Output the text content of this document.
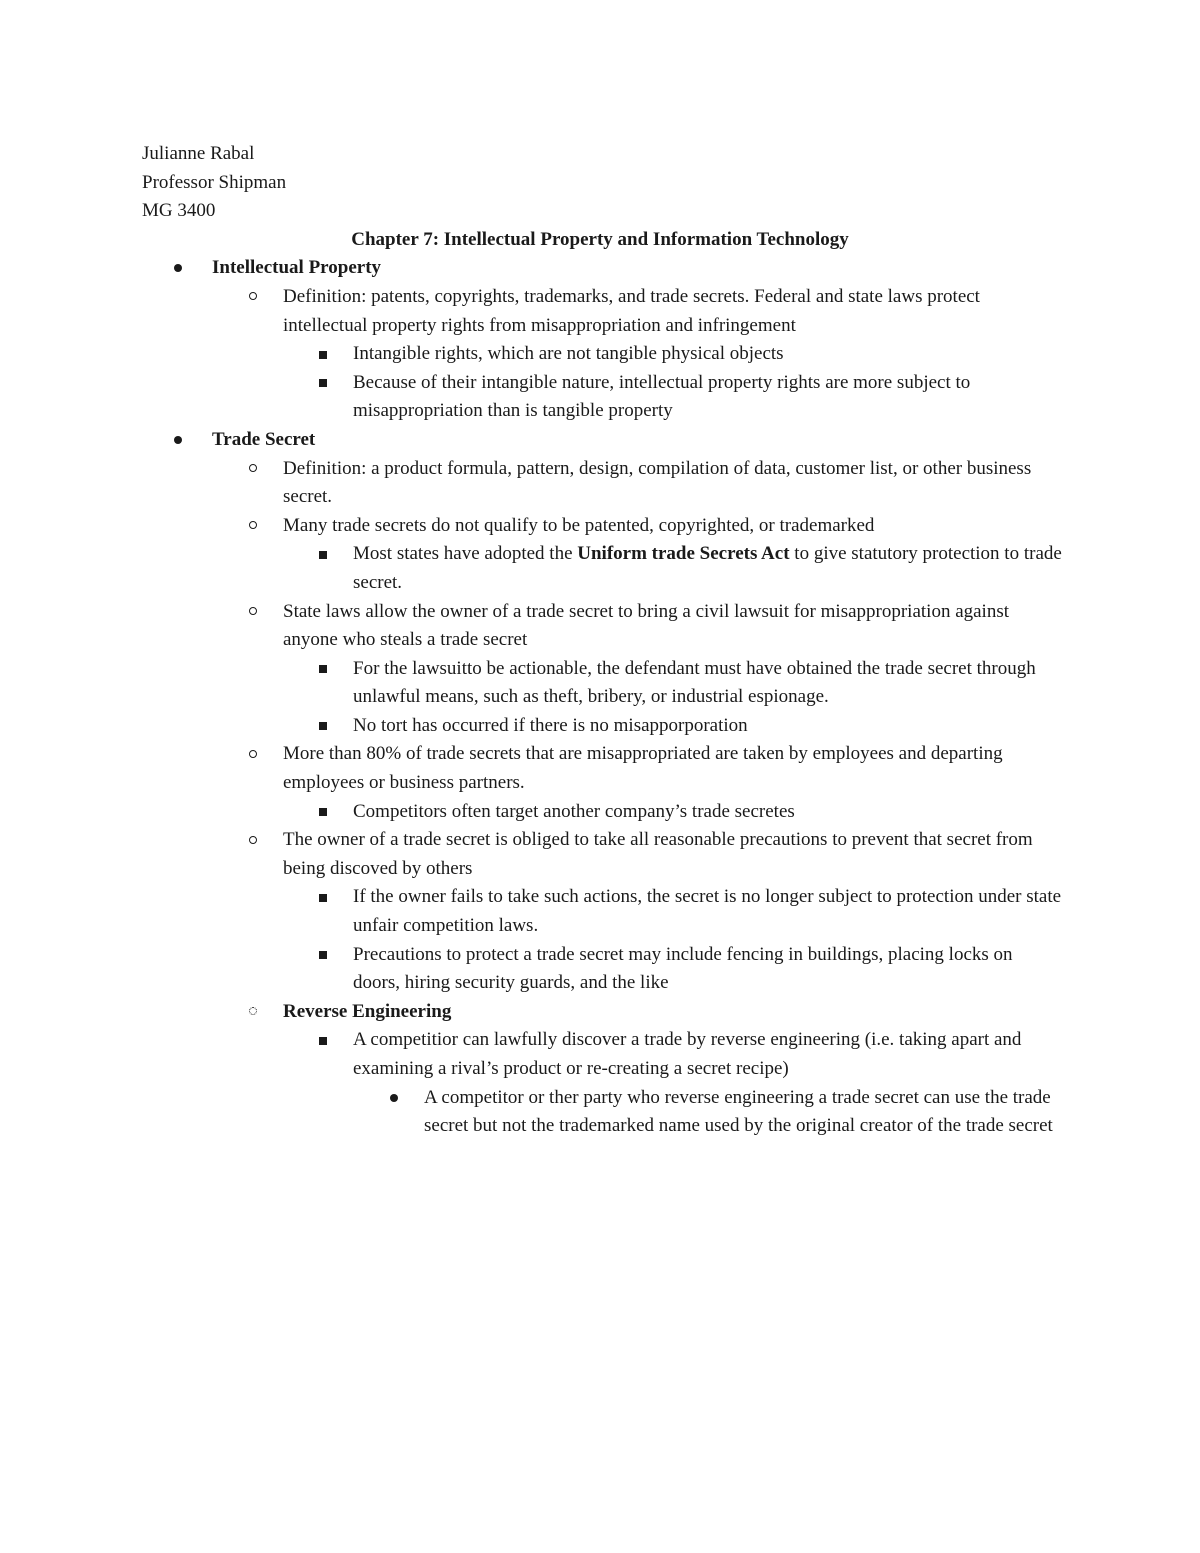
Julianne Rabal
Professor Shipman
MG 3400
Chapter 7: Intellectual Property and Information Technology
Intellectual Property
Definition: patents, copyrights, trademarks, and trade secrets. Federal and state laws protect intellectual property rights from misappropriation and infringement
Intangible rights, which are not tangible physical objects
Because of their intangible nature, intellectual property rights are more subject to misappropriation than is tangible property
Trade Secret
Definition: a product formula, pattern, design, compilation of data, customer list, or other business secret.
Many trade secrets do not qualify to be patented, copyrighted, or trademarked
Most states have adopted the Uniform trade Secrets Act to give statutory protection to trade secret.
State laws allow the owner of a trade secret to bring a civil lawsuit for misappropriation against anyone who steals a trade secret
For the lawsuitto be actionable, the defendant must have obtained the trade secret through unlawful means, such as theft, bribery, or industrial espionage.
No tort has occurred if there is no misapporporation
More than 80% of trade secrets that are misappropriated are taken by employees and departing employees or business partners.
Competitors often target another company’s trade secretes
The owner of a trade secret is obliged to take all reasonable precautions to prevent that secret from being discoved by others
If the owner fails to take such actions, the secret is no longer subject to protection under state unfair competition laws.
Precautions to protect a trade secret may include fencing in buildings, placing locks on doors, hiring security guards, and the like
Reverse Engineering
A competitior can lawfully discover a trade by reverse engineering (i.e. taking apart and examining a rival’s product or re-creating a secret recipe)
A competitor or ther party who reverse engineering a trade secret can use the trade secret but not the trademarked name used by the original creator of the trade secret
